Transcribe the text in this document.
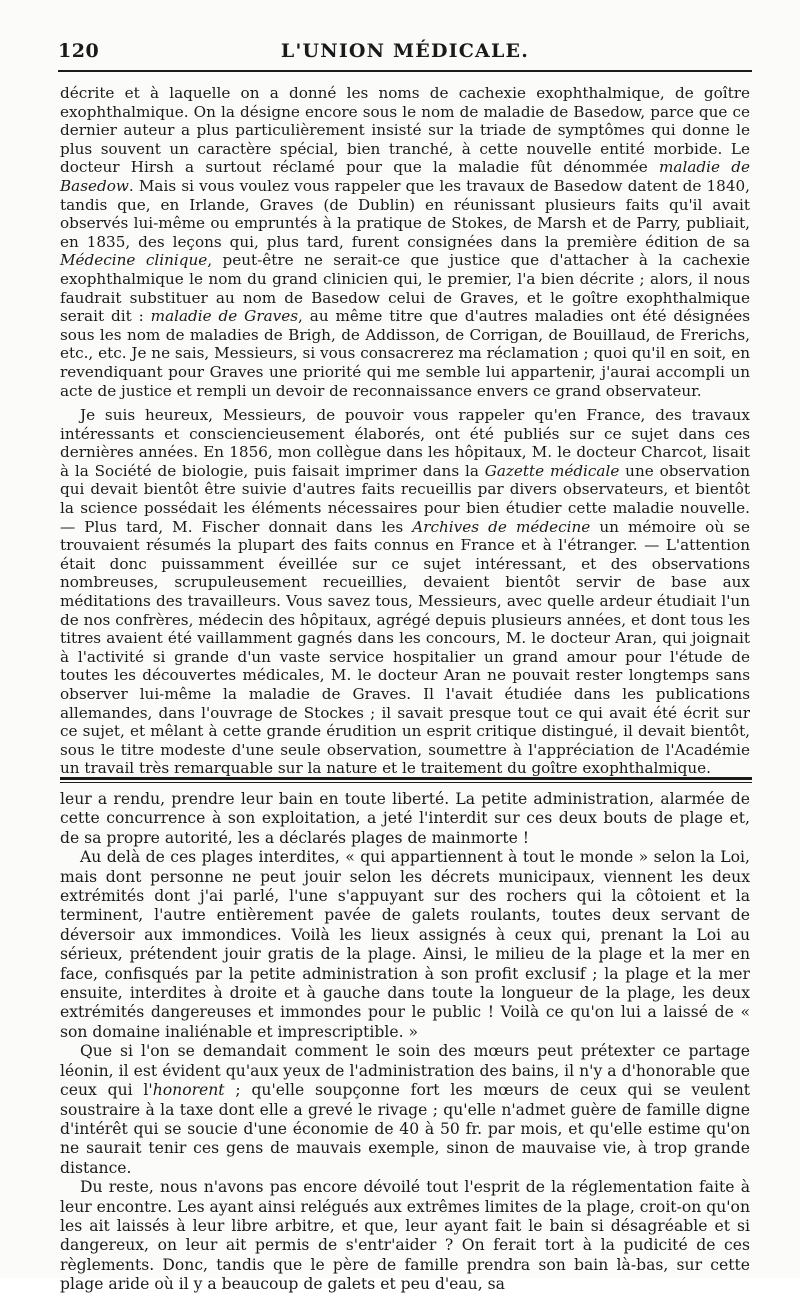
120	L'UNION MÉDICALE.

décrite et à laquelle on a donné les noms de cachexie exophthalmique, de goître exophthalmique. On la désigne encore sous le nom de maladie de Basedow, parce que ce dernier auteur a plus particulièrement insisté sur la triade de symptômes qui donne le plus souvent un caractère spécial, bien tranché, à cette nouvelle entité morbide. Le docteur Hirsh a surtout réclamé pour que la maladie fût dénommée maladie de Basedow. Mais si vous voulez vous rappeler que les travaux de Basedow datent de 1840, tandis que, en Irlande, Graves (de Dublin) en réunissant plusieurs faits qu'il avait observés lui-même ou empruntés à la pratique de Stokes, de Marsh et de Parry, publiait, en 1835, des leçons qui, plus tard, furent consignées dans la première édition de sa Médecine clinique, peut-être ne serait-ce que justice que d'attacher à la cachexie exophthalmique le nom du grand clinicien qui, le premier, l'a bien décrite ; alors, il nous faudrait substituer au nom de Basedow celui de Graves, et le goître exophthalmique serait dit : maladie de Graves, au même titre que d'autres maladies ont été désignées sous les nom de maladies de Brigh, de Addisson, de Corrigan, de Bouillaud, de Frerichs, etc., etc. Je ne sais, Messieurs, si vous consacrerez ma réclamation ; quoi qu'il en soit, en revendiquant pour Graves une priorité qui me semble lui appartenir, j'aurai accompli un acte de justice et rempli un devoir de reconnaissance envers ce grand observateur.

Je suis heureux, Messieurs, de pouvoir vous rappeler qu'en France, des travaux intéressants et consciencieusement élaborés, ont été publiés sur ce sujet dans ces dernières années. En 1856, mon collègue dans les hôpitaux, M. le docteur Charcot, lisait à la Société de biologie, puis faisait imprimer dans la Gazette médicale une observation qui devait bientôt être suivie d'autres faits recueillis par divers observateurs, et bientôt la science possédait les éléments nécessaires pour bien étudier cette maladie nouvelle. — Plus tard, M. Fischer donnait dans les Archives de médecine un mémoire où se trouvaient résumés la plupart des faits connus en France et à l'étranger. — L'attention était donc puissamment éveillée sur ce sujet intéressant, et des observations nombreuses, scrupuleusement recueillies, devaient bientôt servir de base aux méditations des travailleurs. Vous savez tous, Messieurs, avec quelle ardeur étudiait l'un de nos confrères, médecin des hôpitaux, agrégé depuis plusieurs années, et dont tous les titres avaient été vaillamment gagnés dans les concours, M. le docteur Aran, qui joignait à l'activité si grande d'un vaste service hospitalier un grand amour pour l'étude de toutes les découvertes médicales, M. le docteur Aran ne pouvait rester longtemps sans observer lui-même la maladie de Graves. Il l'avait étudiée dans les publications allemandes, dans l'ouvrage de Stockes ; il savait presque tout ce qui avait été écrit sur ce sujet, et mêlant à cette grande érudition un esprit critique distingué, il devait bientôt, sous le titre modeste d'une seule observation, soumettre à l'appréciation de l'Académie un travail très remarquable sur la nature et le traitement du goître exophthalmique.

leur a rendu, prendre leur bain en toute liberté. La petite administration, alarmée de cette concurrence à son exploitation, a jeté l'interdit sur ces deux bouts de plage et, de sa propre autorité, les a déclarés plages de mainmorte !

Au delà de ces plages interdites, « qui appartiennent à tout le monde » selon la Loi, mais dont personne ne peut jouir selon les décrets municipaux, viennent les deux extrémités dont j'ai parlé, l'une s'appuyant sur des rochers qui la côtoient et la terminent, l'autre entièrement pavée de galets roulants, toutes deux servant de déversoir aux immondices. Voilà les lieux assignés à ceux qui, prenant la Loi au sérieux, prétendent jouir gratis de la plage. Ainsi, le milieu de la plage et la mer en face, confisqués par la petite administration à son profit exclusif ; la plage et la mer ensuite, interdites à droite et à gauche dans toute la longueur de la plage, les deux extrémités dangereuses et immondes pour le public ! Voilà ce qu'on lui a laissé de « son domaine inaliénable et imprescriptible. »

Que si l'on se demandait comment le soin des mœurs peut prétexter ce partage léonin, il est évident qu'aux yeux de l'administration des bains, il n'y a d'honorable que ceux qui l'honorent ; qu'elle soupçonne fort les mœurs de ceux qui se veulent soustraire à la taxe dont elle a grevé le rivage ; qu'elle n'admet guère de famille digne d'intérêt qui se soucie d'une économie de 40 à 50 fr. par mois, et qu'elle estime qu'on ne saurait tenir ces gens de mauvais exemple, sinon de mauvaise vie, à trop grande distance.

Du reste, nous n'avons pas encore dévoilé tout l'esprit de la réglementation faite à leur encontre. Les ayant ainsi relégués aux extrêmes limites de la plage, croit-on qu'on les ait laissés à leur libre arbitre, et que, leur ayant fait le bain si désagréable et si dangereux, on leur ait permis de s'entr'aider ? On ferait tort à la pudicité de ces règlements. Donc, tandis que le père de famille prendra son bain là-bas, sur cette plage aride où il y a beaucoup de galets et peu d'eau, sa
